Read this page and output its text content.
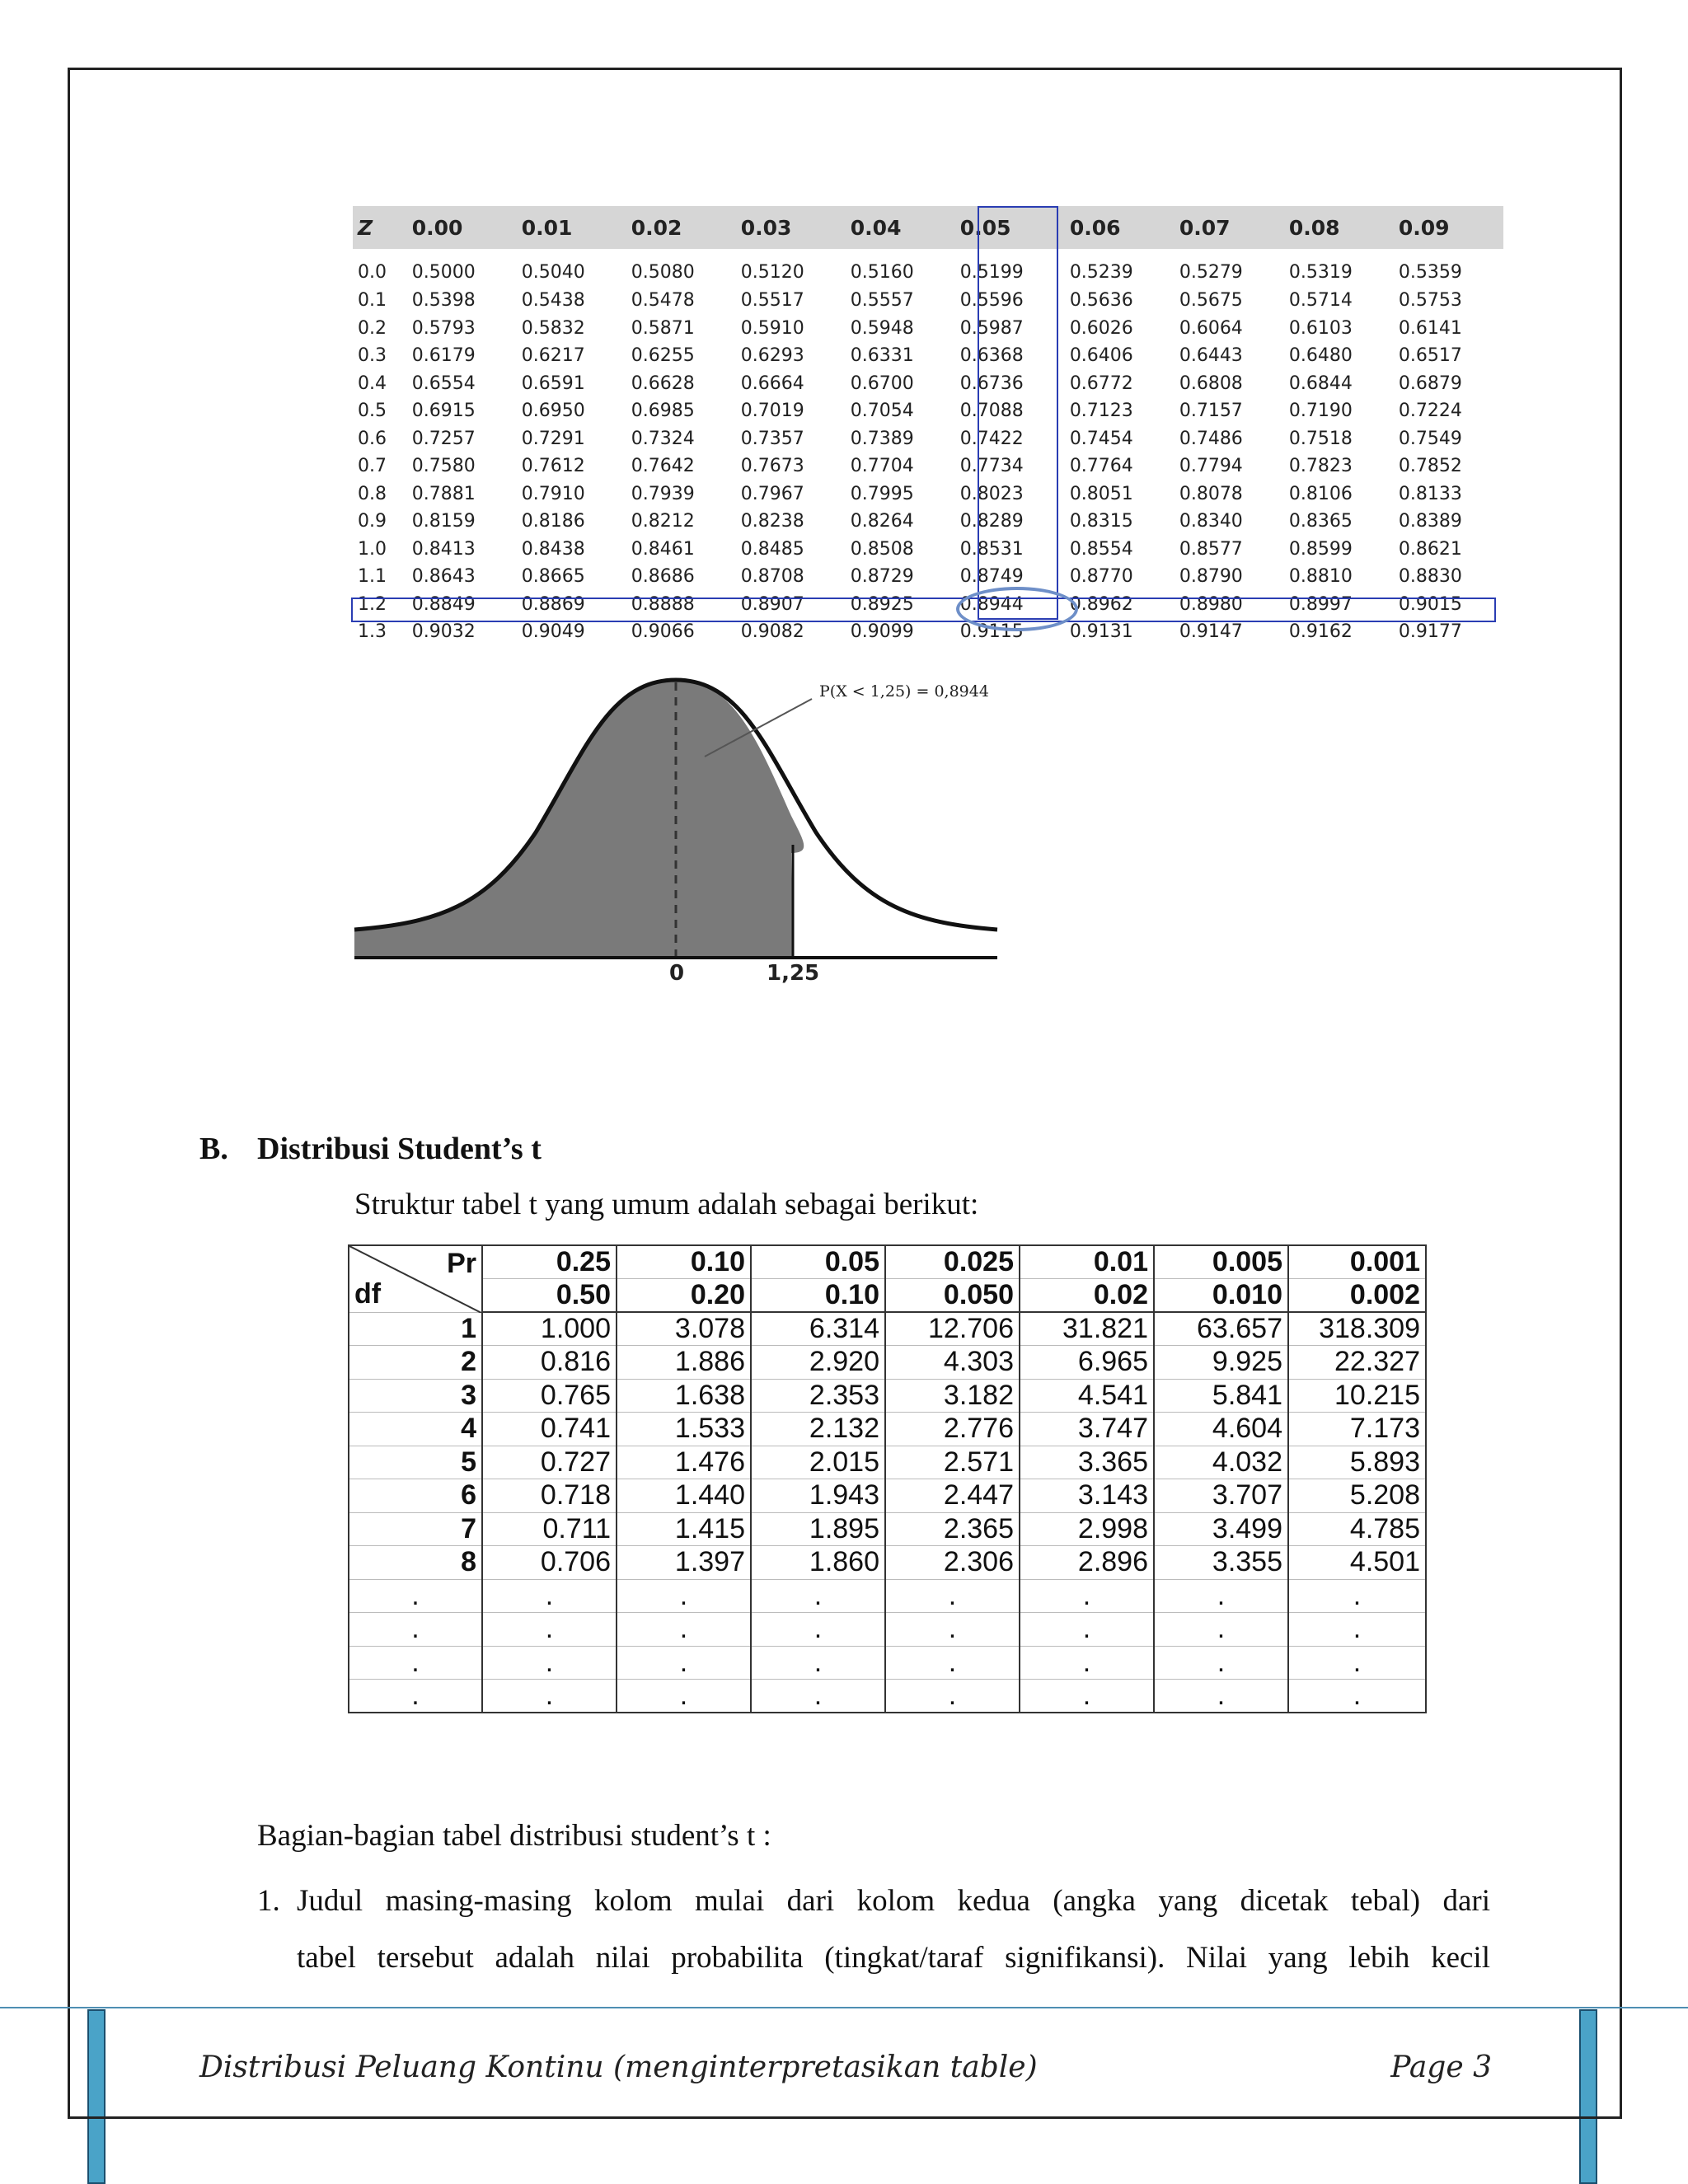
Z	0.00	0.01	0.02	0.03	0.04	0.05	0.06	0.07	0.08	0.09
0.0	0.5000	0.5040	0.5080	0.5120	0.5160	0.5199	0.5239	0.5279	0.5319	0.5359
0.1	0.5398	0.5438	0.5478	0.5517	0.5557	0.5596	0.5636	0.5675	0.5714	0.5753
0.2	0.5793	0.5832	0.5871	0.5910	0.5948	0.5987	0.6026	0.6064	0.6103	0.6141
0.3	0.6179	0.6217	0.6255	0.6293	0.6331	0.6368	0.6406	0.6443	0.6480	0.6517
0.4	0.6554	0.6591	0.6628	0.6664	0.6700	0.6736	0.6772	0.6808	0.6844	0.6879
0.5	0.6915	0.6950	0.6985	0.7019	0.7054	0.7088	0.7123	0.7157	0.7190	0.7224
0.6	0.7257	0.7291	0.7324	0.7357	0.7389	0.7422	0.7454	0.7486	0.7518	0.7549
0.7	0.7580	0.7612	0.7642	0.7673	0.7704	0.7734	0.7764	0.7794	0.7823	0.7852
0.8	0.7881	0.7910	0.7939	0.7967	0.7995	0.8023	0.8051	0.8078	0.8106	0.8133
0.9	0.8159	0.8186	0.8212	0.8238	0.8264	0.8289	0.8315	0.8340	0.8365	0.8389
1.0	0.8413	0.8438	0.8461	0.8485	0.8508	0.8531	0.8554	0.8577	0.8599	0.8621
1.1	0.8643	0.8665	0.8686	0.8708	0.8729	0.8749	0.8770	0.8790	0.8810	0.8830
1.2	0.8849	0.8869	0.8888	0.8907	0.8925	0.8944	0.8962	0.8980	0.8997	0.9015
1.3	0.9032	0.9049	0.9066	0.9082	0.9099	0.9115	0.9131	0.9147	0.9162	0.9177
P(X < 1,25) = 0,8944
0	1,25
B. Distribusi Student’s t
Struktur tabel t yang umum adalah sebagai berikut:
Pr
df	0.25	0.10	0.05	0.025	0.01	0.005	0.001
	0.50	0.20	0.10	0.050	0.02	0.010	0.002
1	1.000	3.078	6.314	12.706	31.821	63.657	318.309
2	0.816	1.886	2.920	4.303	6.965	9.925	22.327
3	0.765	1.638	2.353	3.182	4.541	5.841	10.215
4	0.741	1.533	2.132	2.776	3.747	4.604	7.173
5	0.727	1.476	2.015	2.571	3.365	4.032	5.893
6	0.718	1.440	1.943	2.447	3.143	3.707	5.208
7	0.711	1.415	1.895	2.365	2.998	3.499	4.785
8	0.706	1.397	1.860	2.306	2.896	3.355	4.501
.	.	.	.	.	.	.	.
.	.	.	.	.	.	.	.
.	.	.	.	.	.	.	.
.	.	.	.	.	.	.	.
Bagian-bagian tabel distribusi student’s t :
1. Judul masing-masing kolom mulai dari kolom kedua (angka yang dicetak tebal) dari
tabel tersebut adalah nilai probabilita (tingkat/taraf signifikansi). Nilai yang lebih kecil
Distribusi Peluang Kontinu (menginterpretasikan table)	Page 3
